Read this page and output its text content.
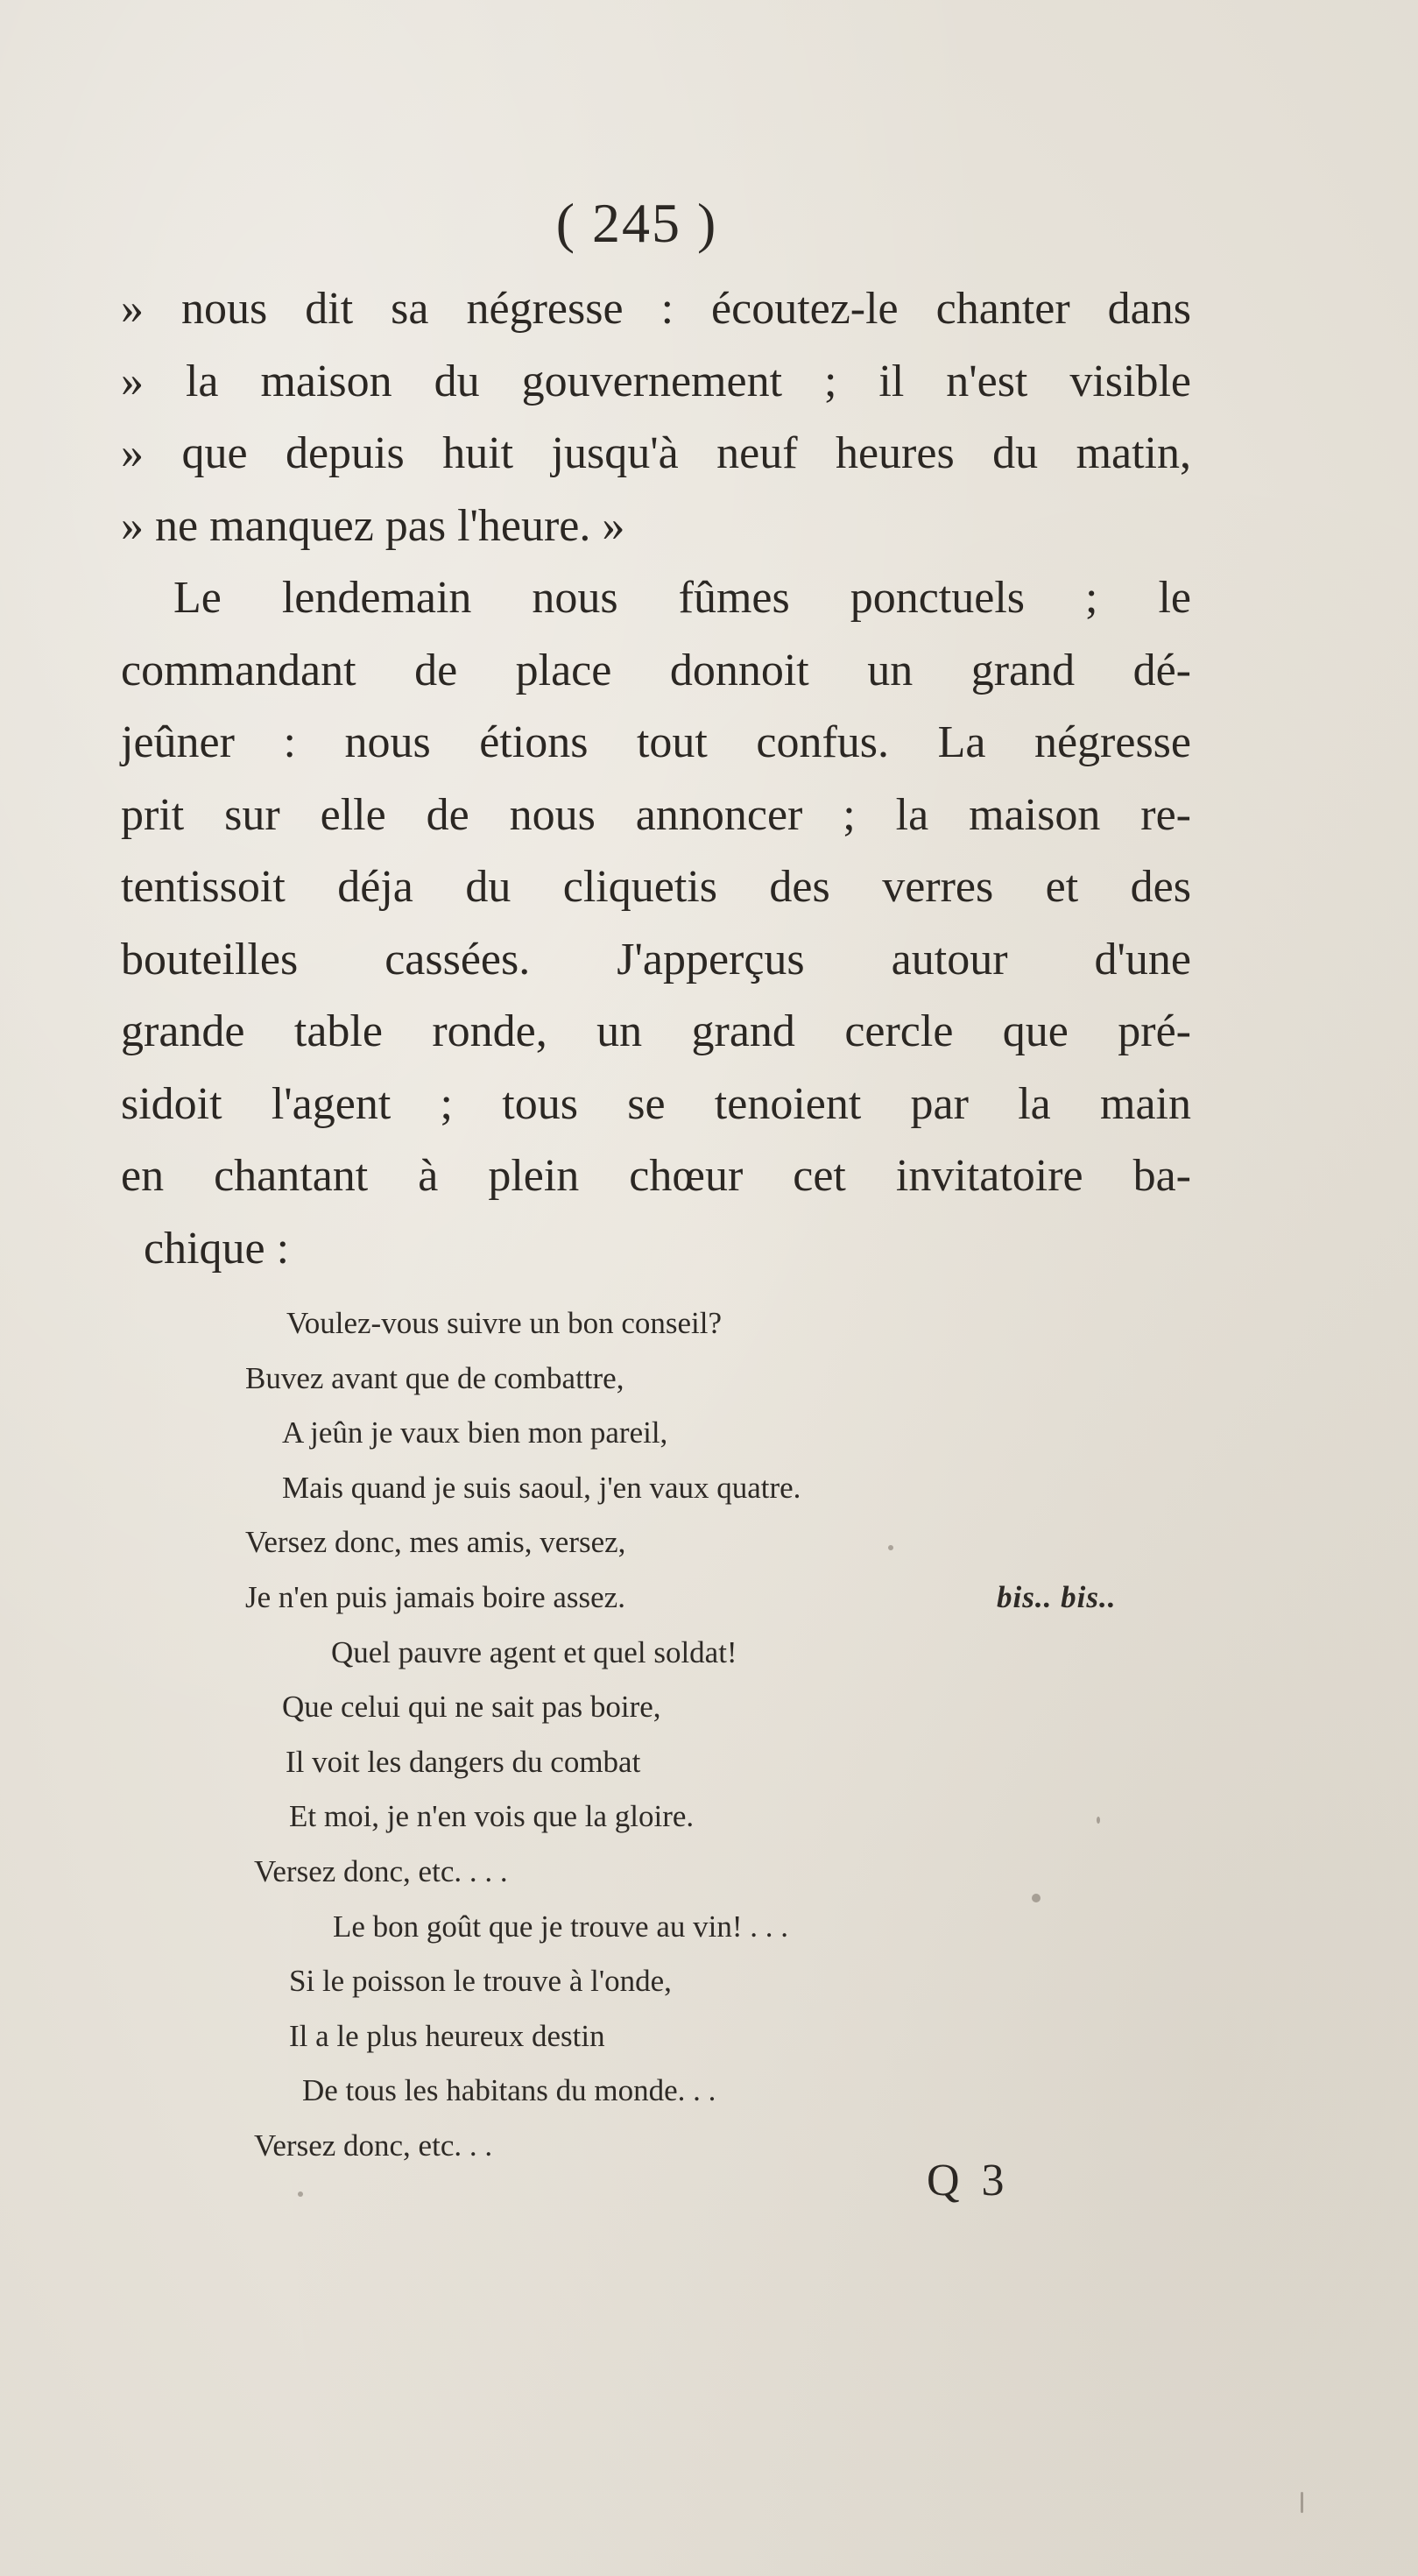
( 245 )
» nous dit sa négresse : écoutez-le chanter dans
» la maison du gouvernement ; il n'est visible
» que depuis huit jusqu'à neuf heures du matin,
» ne manquez pas l'heure. »
Le lendemain nous fûmes ponctuels ; le
commandant de place donnoit un grand dé-
jeûner : nous étions tout confus. La négresse
prit sur elle de nous annoncer ; la maison re-
tentissoit déja du cliquetis des verres et des
bouteilles cassées. J'apperçus autour d'une
grande table ronde, un grand cercle que pré-
sidoit l'agent ; tous se tenoient par la main
en chantant à plein chœur cet invitatoire ba-
chique :
Voulez-vous suivre un bon conseil?
Buvez avant que de combattre,
A jeûn je vaux bien mon pareil,
Mais quand je suis saoul, j'en vaux quatre.
Versez donc, mes amis, versez,
Je n'en puis jamais boire assez.	bis.. bis..
Quel pauvre agent et quel soldat!
Que celui qui ne sait pas boire,
Il voit les dangers du combat
Et moi, je n'en vois que la gloire.
Versez donc, etc. . . .
Le bon goût que je trouve au vin! . . .
Si le poisson le trouve à l'onde,
Il a le plus heureux destin
De tous les habitans du monde. . .
Versez donc, etc. . .
Q 3
